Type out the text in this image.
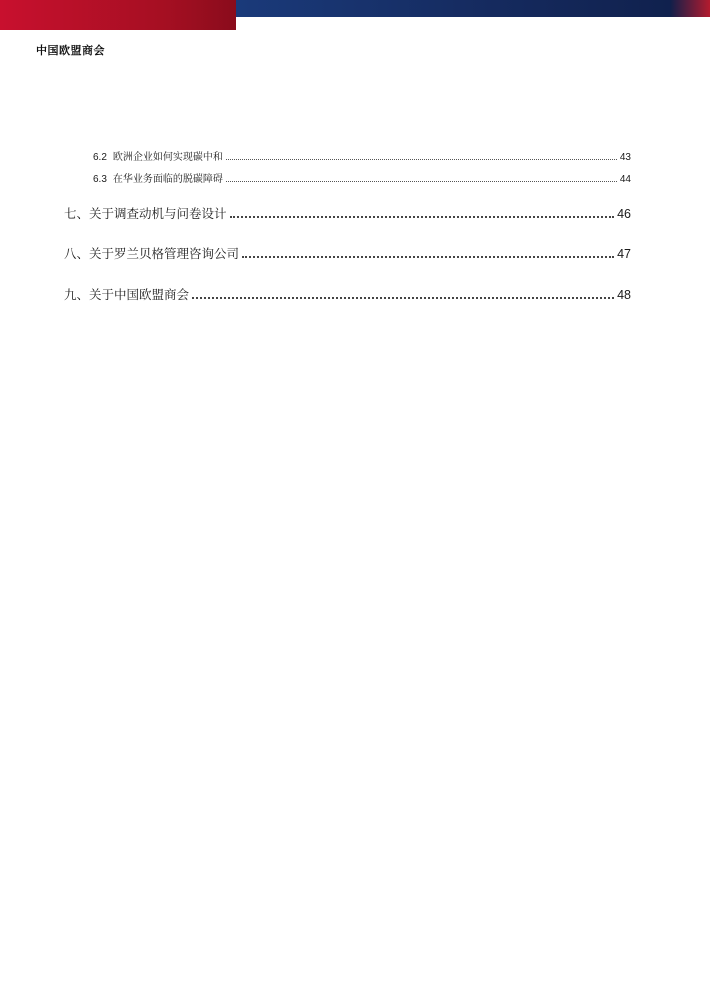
中国欧盟商会
6.2 欧洲企业如何实现碳中和	43
6.3 在华业务面临的脱碳障碍	44
七、关于调查动机与问卷设计	46
八、关于罗兰贝格管理咨询公司	47
九、关于中国欧盟商会	48
